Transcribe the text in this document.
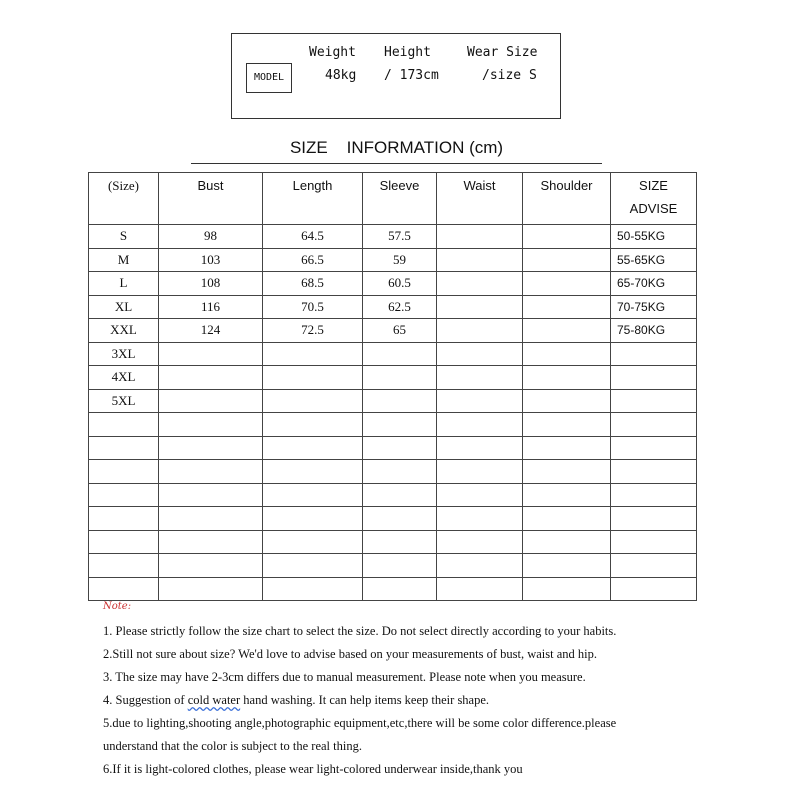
MODEL
Weight Height	Wear Size
48kg / 173cm	/size S
SIZE    INFORMATION (cm)
(Size)	Bust	Length	Sleeve	Waist	Shoulder	SIZE
ADVISE
S	98	64.5	57.5			50-55KG
M	103	66.5	59			55-65KG
L	108	68.5	60.5			65-70KG
XL	116	70.5	62.5			70-75KG
XXL	124	72.5	65			75-80KG
3XL						
4XL						
5XL						

Note:
1. Please strictly follow the size chart to select the size. Do not select directly according to your habits.
2.Still not sure about size? We'd love to advise based on your measurements of bust, waist and hip.
3. The size may have 2-3cm differs due to manual measurement. Please note when you measure.
4. Suggestion of cold water hand washing. It can help items keep their shape.
5.due to lighting,shooting angle,photographic equipment,etc,there will be some color difference.please
understand that the color is subject to the real thing.
6.If it is light-colored clothes, please wear light-colored underwear inside,thank you
